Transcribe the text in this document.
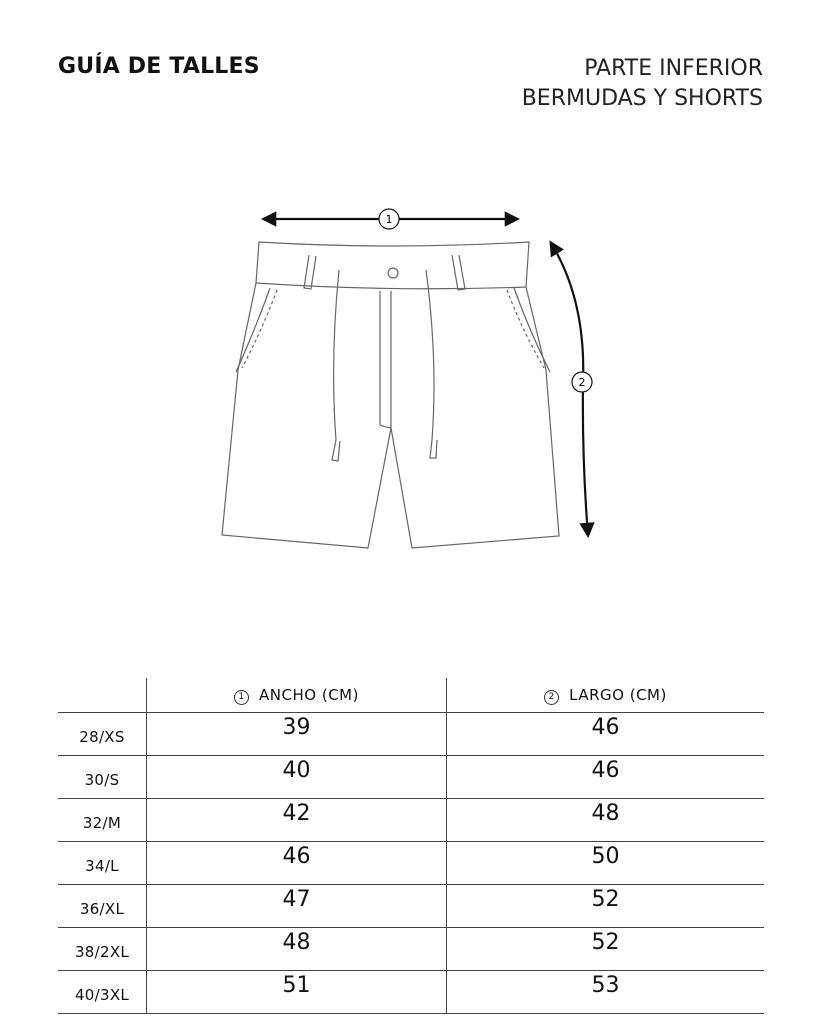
GUÍA DE TALLES	PARTE INFERIOR
BERMUDAS Y SHORTS
1
2
	1 ANCHO (CM)	2 LARGO (CM)
28/XS	39	46
30/S	40	46
32/M	42	48
34/L	46	50
36/XL	47	52
38/2XL	48	52
40/3XL	51	53
